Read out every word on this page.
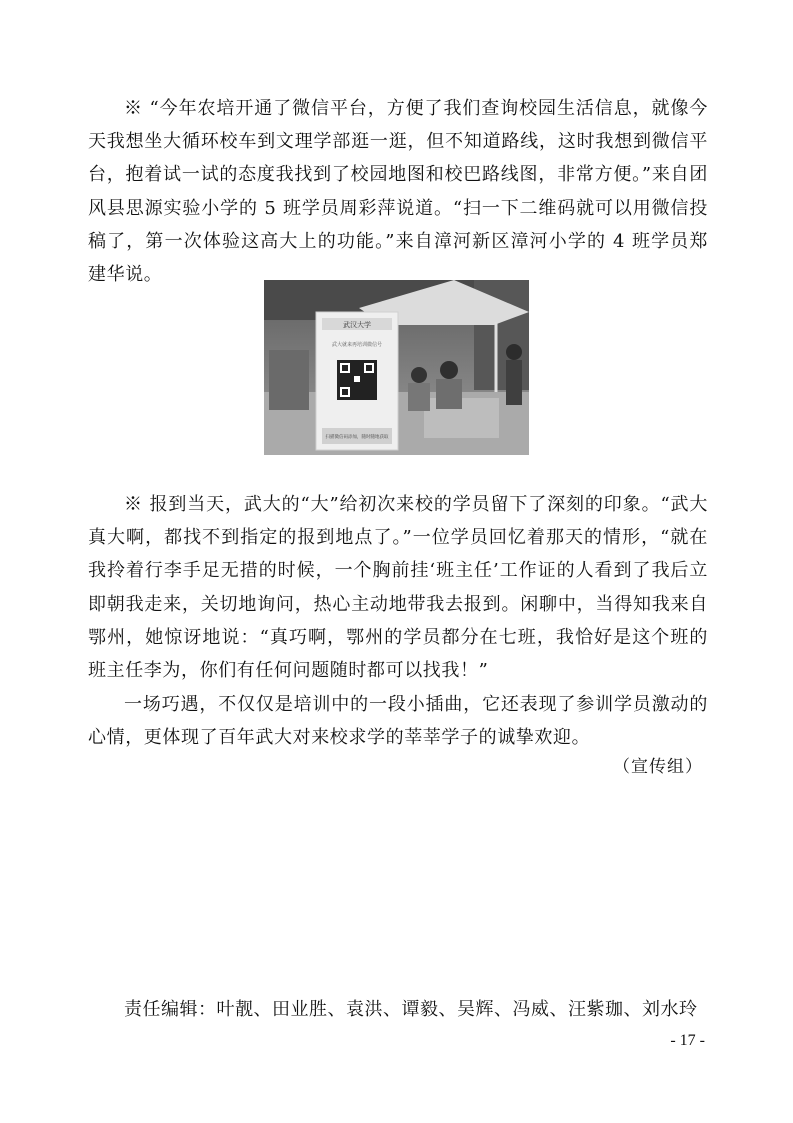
※ “今年农培开通了微信平台，方便了我们查询校园生活信息，就像今天我想坐大循环校车到文理学部逛一逛，但不知道路线，这时我想到微信平台，抱着试一试的态度我找到了校园地图和校巴路线图，非常方便。”来自团风县思源实验小学的 5 班学员周彩萍说道。“扫一下二维码就可以用微信投稿了，第一次体验这高大上的功能。”来自漳河新区漳河小学的 4 班学员郑建华说。

武汉大学
武大就来再培训微信号
扫描微信码添加，随时随地获取

※ 报到当天，武大的“大”给初次来校的学员留下了深刻的印象。“武大真大啊，都找不到指定的报到地点了。”一位学员回忆着那天的情形，“就在我拎着行李手足无措的时候，一个胸前挂‘班主任’工作证的人看到了我后立即朝我走来，关切地询问，热心主动地带我去报到。闲聊中，当得知我来自鄂州，她惊讶地说：“真巧啊，鄂州的学员都分在七班，我恰好是这个班的班主任李为，你们有任何问题随时都可以找我！”

一场巧遇，不仅仅是培训中的一段小插曲，它还表现了参训学员激动的心情，更体现了百年武大对来校求学的莘莘学子的诚挚欢迎。

（宣传组）
责任编辑：叶靓、田业胜、袁洪、谭毅、吴辉、冯威、汪紫珈、刘水玲
- 17 -
